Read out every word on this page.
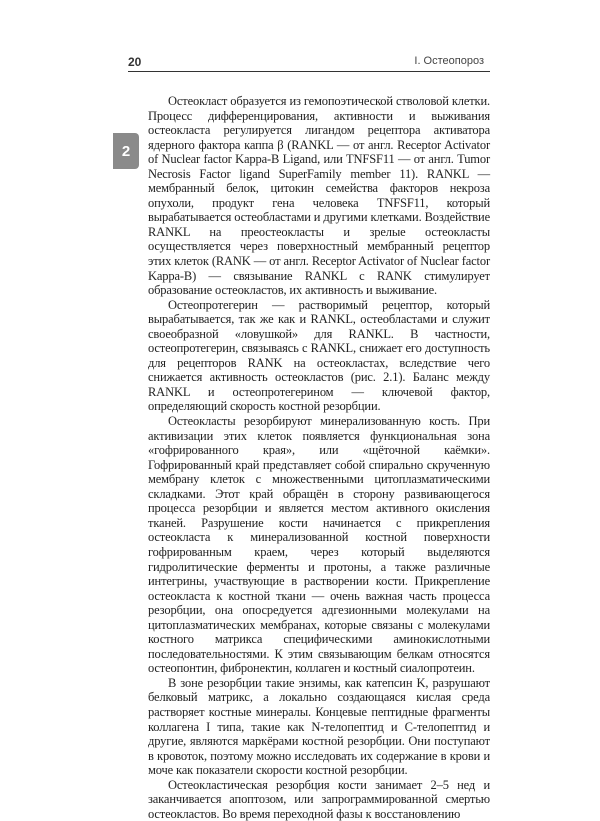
20	I. Остеопороз
2

Остеокласт образуется из гемопоэтической стволовой клетки. Процесс дифференцирования, активности и выживания остеокласта регулируется лигандом рецептора активатора ядерного фактора каппа β (RANKL — от англ. Receptor Activator of Nuclear factor Kappa-B Ligand, или TNFSF11 — от англ. Tumor Necrosis Factor ligand SuperFamily member 11). RANKL — мембранный белок, цитокин семейства факторов некроза опухоли, продукт гена человека TNFSF11, который вырабатывается остеобластами и другими клетками. Воздействие RANKL на преостеокласты и зрелые остеокласты осуществляется через поверхностный мембранный рецептор этих клеток (RANK — от англ. Receptor Activator of Nuclear factor Kappa-B) — связывание RANKL с RANK стимулирует образование остеокластов, их активность и выживание.

Остеопротегерин — растворимый рецептор, который вырабатывается, так же как и RANKL, остеобластами и служит своеобразной «ловушкой» для RANKL. В частности, остеопротегерин, связываясь с RANKL, снижает его доступность для рецепторов RANK на остеокластах, вследствие чего снижается активность остеокластов (рис. 2.1). Баланс между RANKL и остеопротегерином — ключевой фактор, определяющий скорость костной резорбции.

Остеокласты резорбируют минерализованную кость. При активизации этих клеток появляется функциональная зона «гофрированного края», или «щёточной каёмки». Гофрированный край представляет собой спирально скрученную мембрану клеток с множественными цитоплазматическими складками. Этот край обращён в сторону развивающегося процесса резорбции и является местом активного окисления тканей. Разрушение кости начинается с прикрепления остеокласта к минерализованной костной поверхности гофрированным краем, через который выделяются гидролитические ферменты и протоны, а также различные интегрины, участвующие в растворении кости. Прикрепление остеокласта к костной ткани — очень важная часть процесса резорбции, она опосредуется адгезионными молекулами на цитоплазматических мембранах, которые связаны с молекулами костного матрикса специфическими аминокислотными последовательностями. К этим связывающим белкам относятся остеопонтин, фибронектин, коллаген и костный сиалопротеин.

В зоне резорбции такие энзимы, как катепсин K, разрушают белковый матрикс, а локально создающаяся кислая среда растворяет костные минералы. Концевые пептидные фрагменты коллагена I типа, такие как N-телопептид и C-телопептид и другие, являются маркёрами костной резорбции. Они поступают в кровоток, поэтому можно исследовать их содержание в крови и моче как показатели скорости костной резорбции.

Остеокластическая резорбция кости занимает 2–5 нед и заканчивается апоптозом, или запрограммированной смертью остеокластов. Во время переходной фазы к восстановлению
